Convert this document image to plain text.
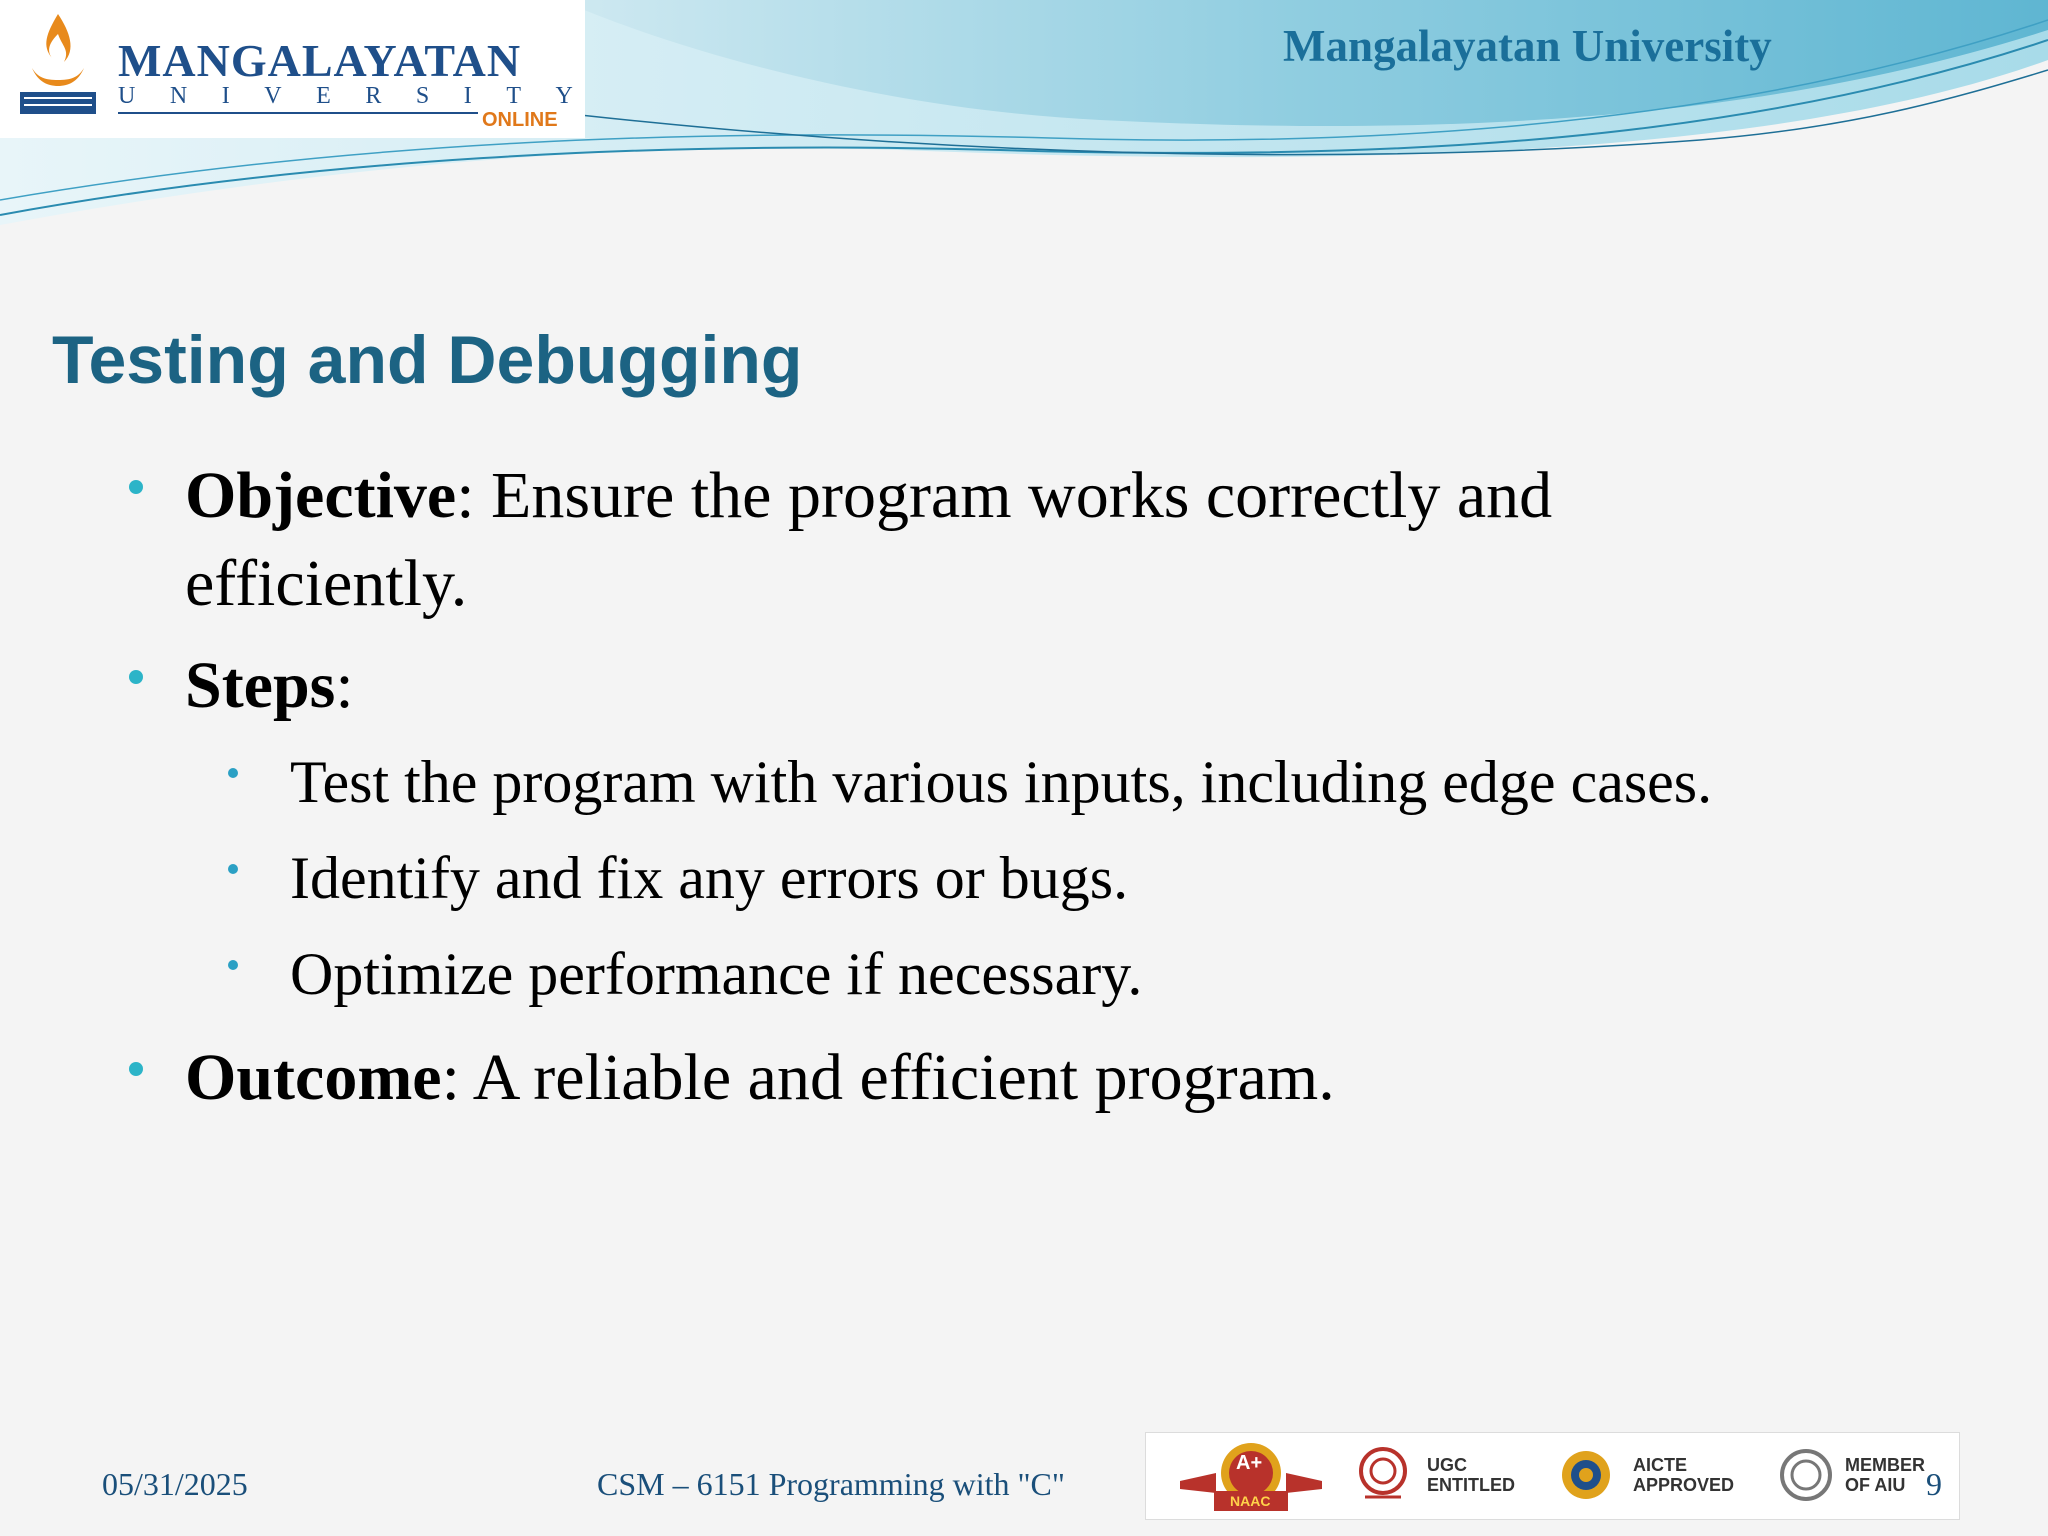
MANGALAYATAN
U N I V E R S I T Y
ONLINE
Mangalayatan University
Testing and Debugging
Objective: Ensure the program works correctly and
efficiently.
Steps:
Test the program with various inputs, including edge cases.
Identify and fix any errors or bugs.
Optimize performance if necessary.
Outcome: A reliable and efficient program.
05/31/2025	CSM – 6151 Programming with "C"
A+
NAAC
UGC
ENTITLED
AICTE
APPROVED
MEMBER
OF AIU 9
